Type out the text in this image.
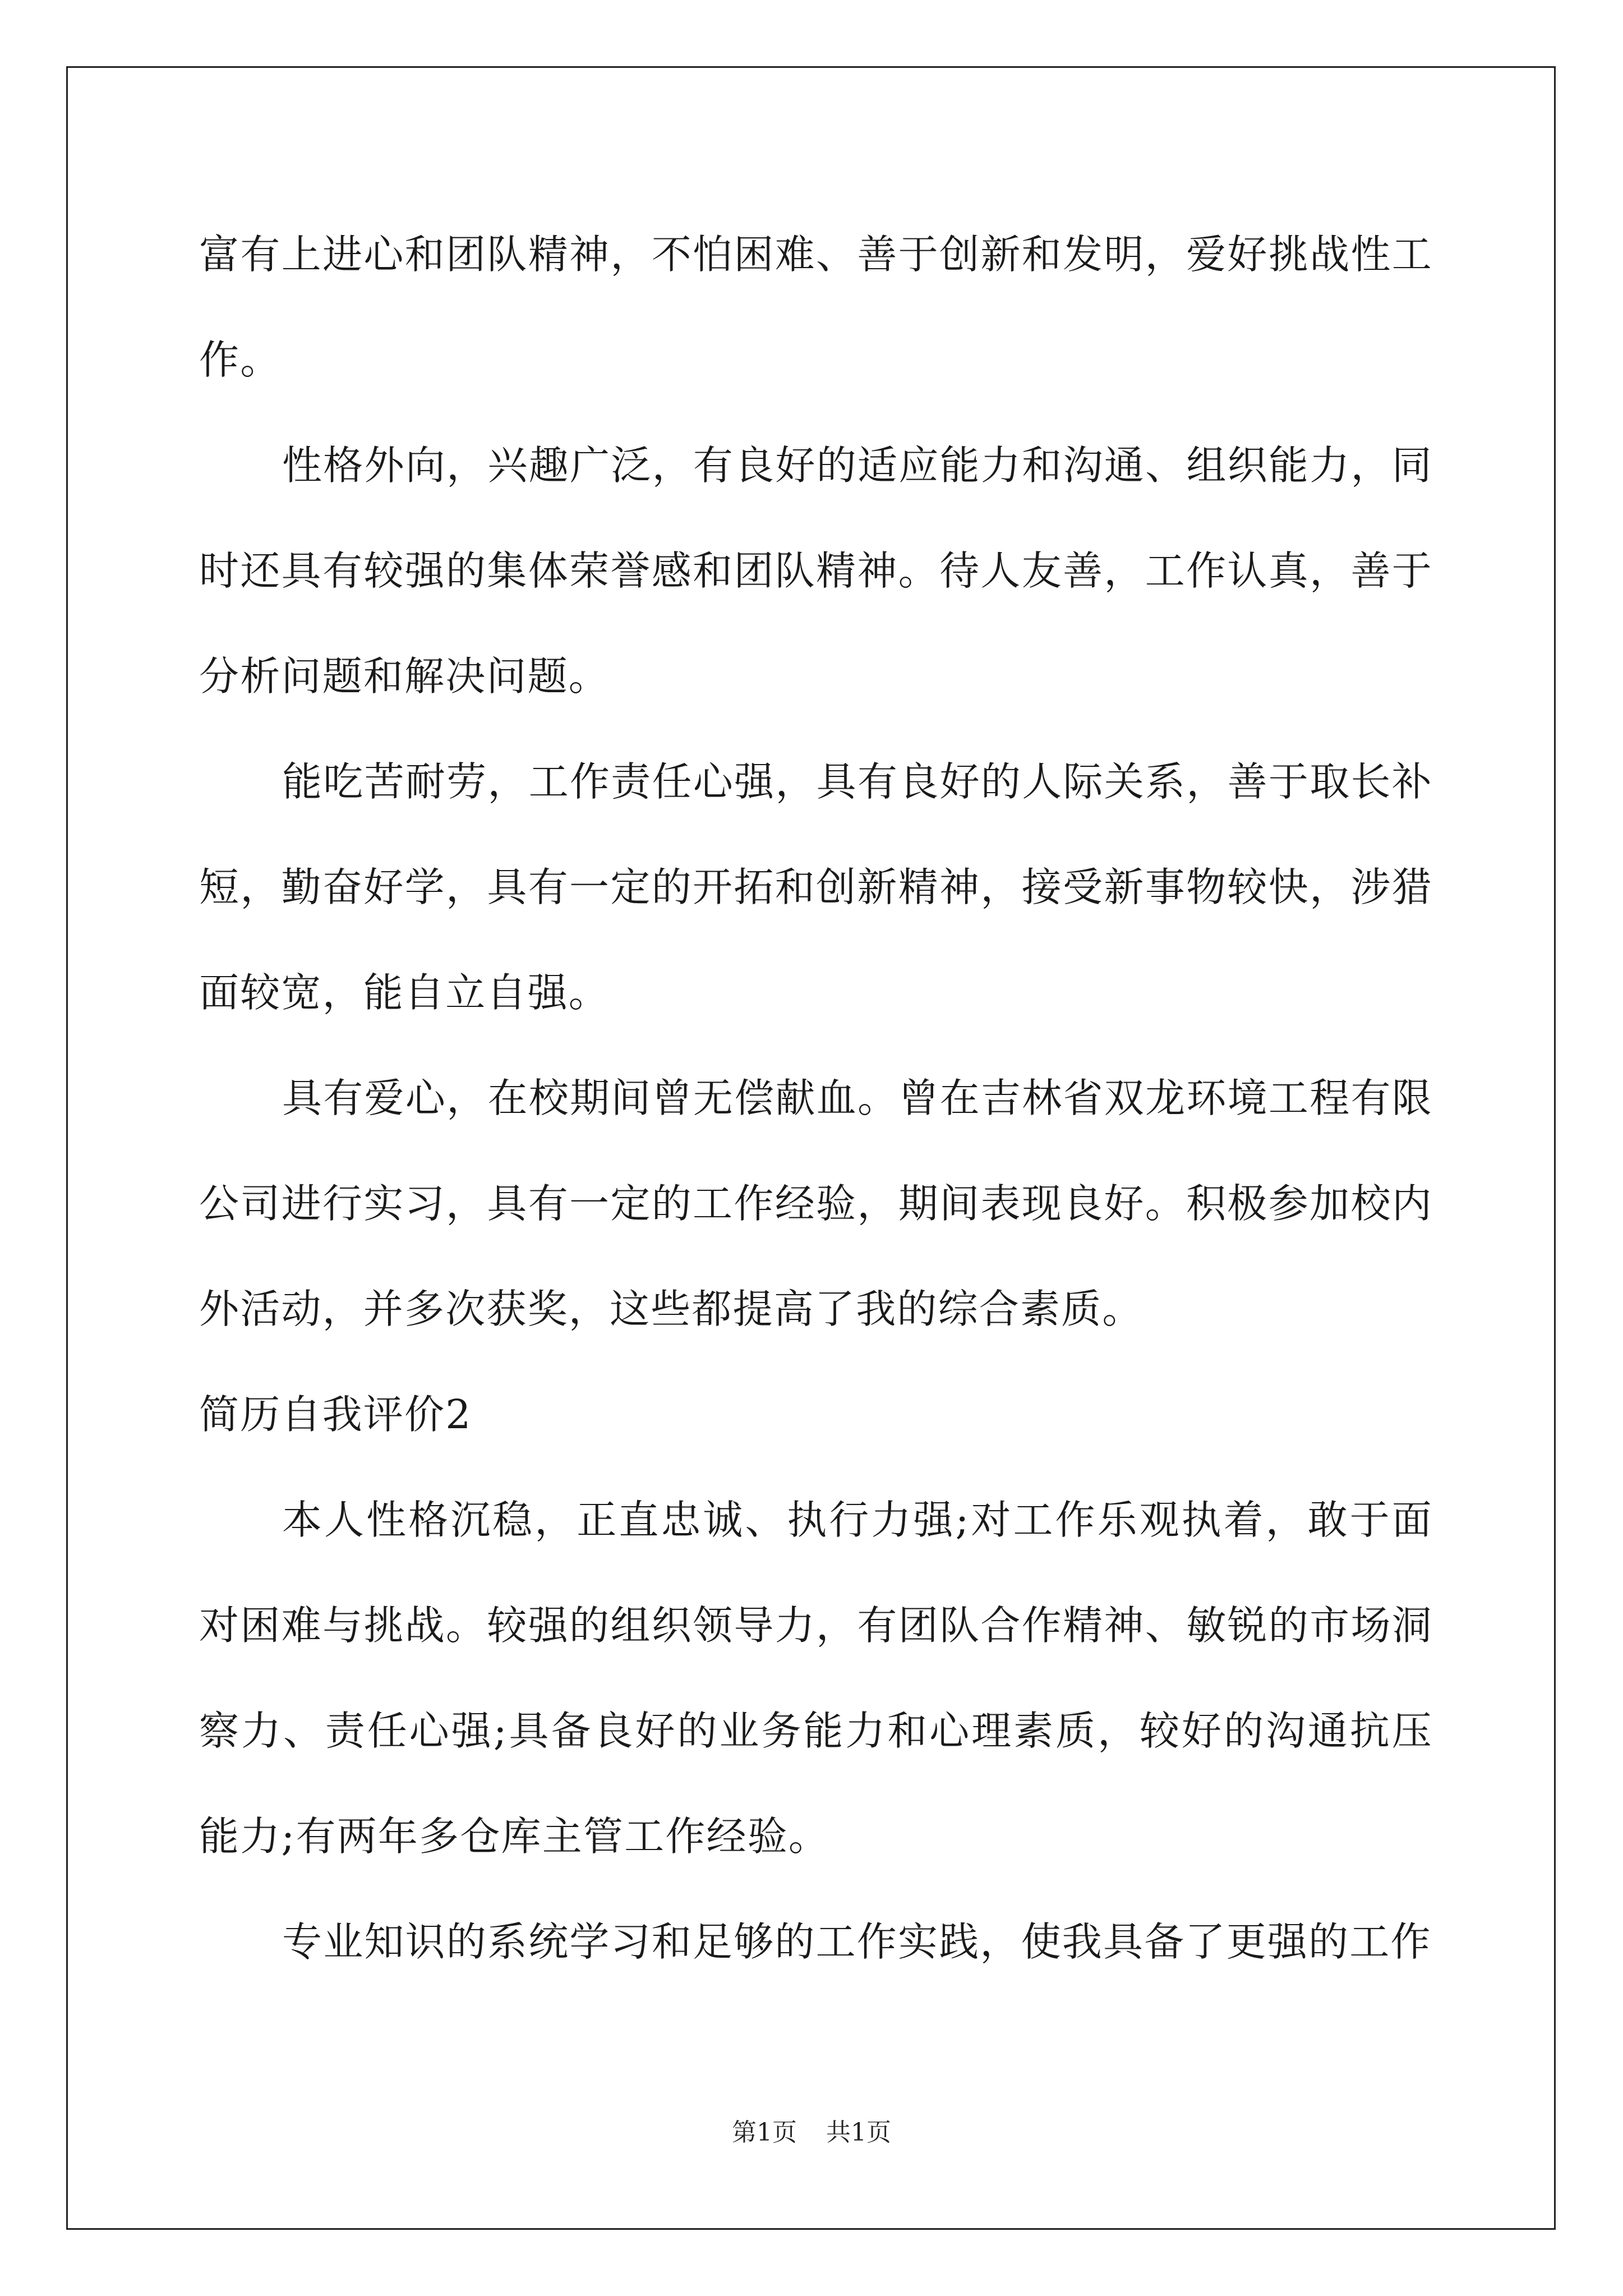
富有上进心和团队精神，不怕困难、善于创新和发明，爱好挑战性工作。

性格外向，兴趣广泛，有良好的适应能力和沟通、组织能力，同时还具有较强的集体荣誉感和团队精神。待人友善，工作认真，善于分析问题和解决问题。

能吃苦耐劳，工作责任心强，具有良好的人际关系，善于取长补短，勤奋好学，具有一定的开拓和创新精神，接受新事物较快，涉猎面较宽，能自立自强。

具有爱心，在校期间曾无偿献血。曾在吉林省双龙环境工程有限公司进行实习，具有一定的工作经验，期间表现良好。积极参加校内外活动，并多次获奖，这些都提高了我的综合素质。

简历自我评价2

本人性格沉稳，正直忠诚、执行力强;对工作乐观执着，敢于面对困难与挑战。较强的组织领导力，有团队合作精神、敏锐的市场洞察力、责任心强;具备良好的业务能力和心理素质，较好的沟通抗压能力;有两年多仓库主管工作经验。

专业知识的系统学习和足够的工作实践，使我具备了更强的工作

第1页 共1页
